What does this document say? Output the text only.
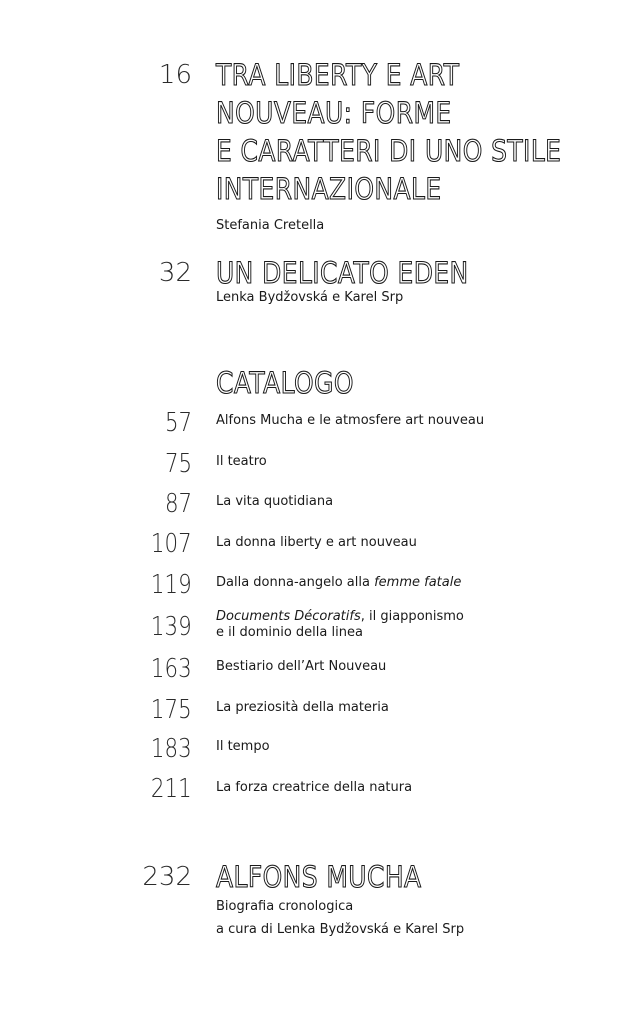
16 TRA LIBERTY E ART
NOUVEAU: FORME
E CARATTERI DI UNO STILE
INTERNAZIONALE
Stefania Cretella
32 UN DELICATO EDEN
Lenka Bydžovská e Karel Srp
CATALOGO
57 Alfons Mucha e le atmosfere art nouveau
75 Il teatro
87 La vita quotidiana
107 La donna liberty e art nouveau
119 Dalla donna-angelo alla femme fatale
139 Documents Décoratifs, il giapponismo
e il dominio della linea
163 Bestiario dell’Art Nouveau
175 La preziosità della materia
183 Il tempo
211 La forza creatrice della natura
232 ALFONS MUCHA
Biografia cronologica
a cura di Lenka Bydžovská e Karel Srp
